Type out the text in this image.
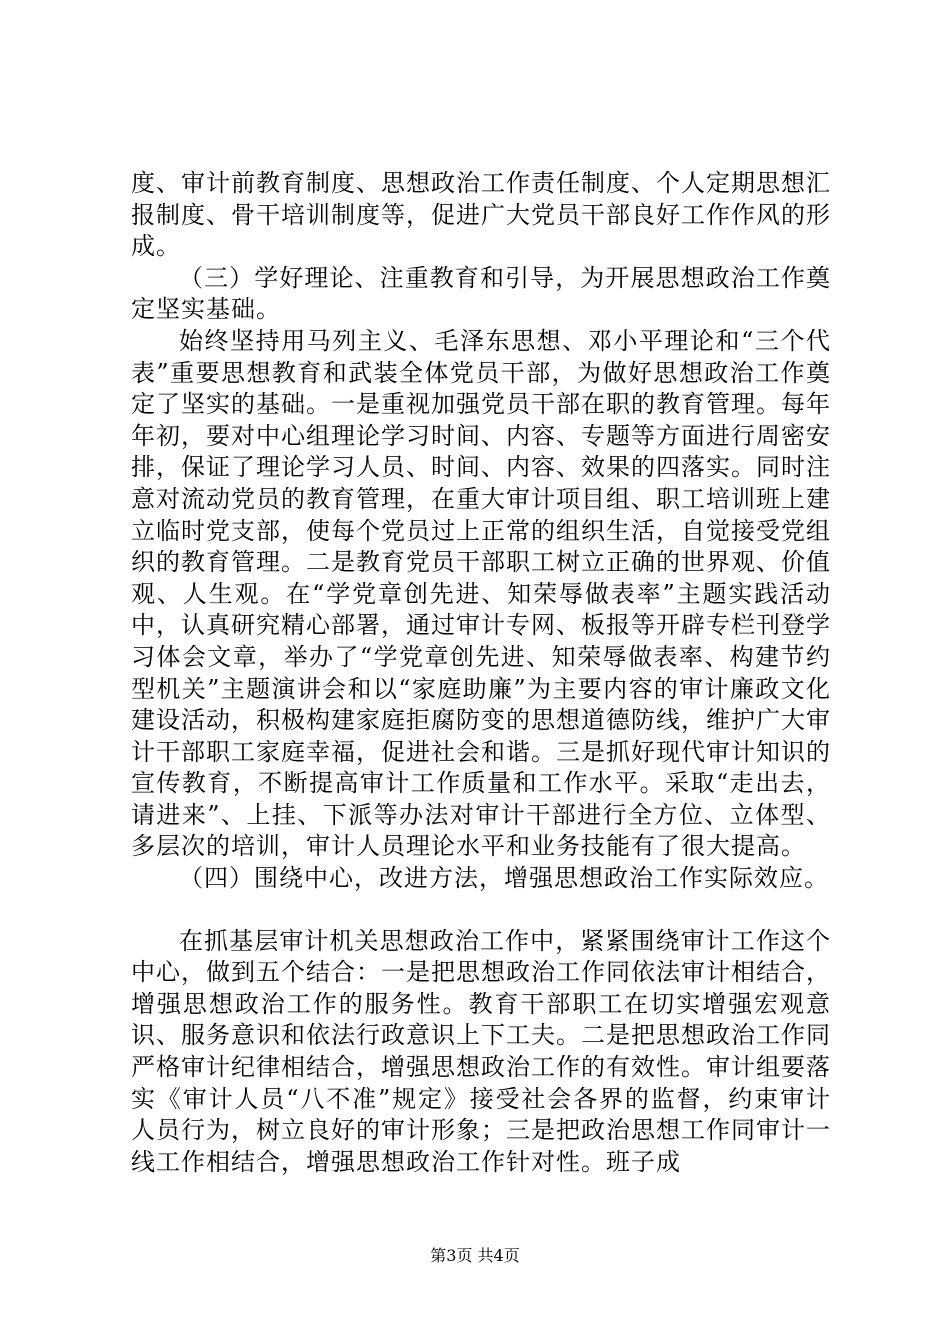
度、审计前教育制度、思想政治工作责任制度、个人定期思想汇报制度、骨干培训制度等，促进广大党员干部良好工作作风的形成。

（三）学好理论、注重教育和引导，为开展思想政治工作奠定坚实基础。

始终坚持用马列主义、毛泽东思想、邓小平理论和“三个代表”重要思想教育和武装全体党员干部，为做好思想政治工作奠定了坚实的基础。一是重视加强党员干部在职的教育管理。每年年初，要对中心组理论学习时间、内容、专题等方面进行周密安排，保证了理论学习人员、时间、内容、效果的四落实。同时注意对流动党员的教育管理，在重大审计项目组、职工培训班上建立临时党支部，使每个党员过上正常的组织生活，自觉接受党组织的教育管理。二是教育党员干部职工树立正确的世界观、价值观、人生观。在“学党章创先进、知荣辱做表率”主题实践活动中，认真研究精心部署，通过审计专网、板报等开辟专栏刊登学习体会文章，举办了“学党章创先进、知荣辱做表率、构建节约型机关”主题演讲会和以“家庭助廉”为主要内容的审计廉政文化建设活动，积极构建家庭拒腐防变的思想道德防线，维护广大审计干部职工家庭幸福，促进社会和谐。三是抓好现代审计知识的宣传教育，不断提高审计工作质量和工作水平。采取“走出去，请进来”、上挂、下派等办法对审计干部进行全方位、立体型、多层次的培训，审计人员理论水平和业务技能有了很大提高。

（四）围绕中心，改进方法，增强思想政治工作实际效应。

在抓基层审计机关思想政治工作中，紧紧围绕审计工作这个中心，做到五个结合：一是把思想政治工作同依法审计相结合，增强思想政治工作的服务性。教育干部职工在切实增强宏观意识、服务意识和依法行政意识上下工夫。二是把思想政治工作同严格审计纪律相结合，增强思想政治工作的有效性。审计组要落实《审计人员“八不准”规定》接受社会各界的监督，约束审计人员行为，树立良好的审计形象；三是把政治思想工作同审计一线工作相结合，增强思想政治工作针对性。班子成

第3页 共4页
